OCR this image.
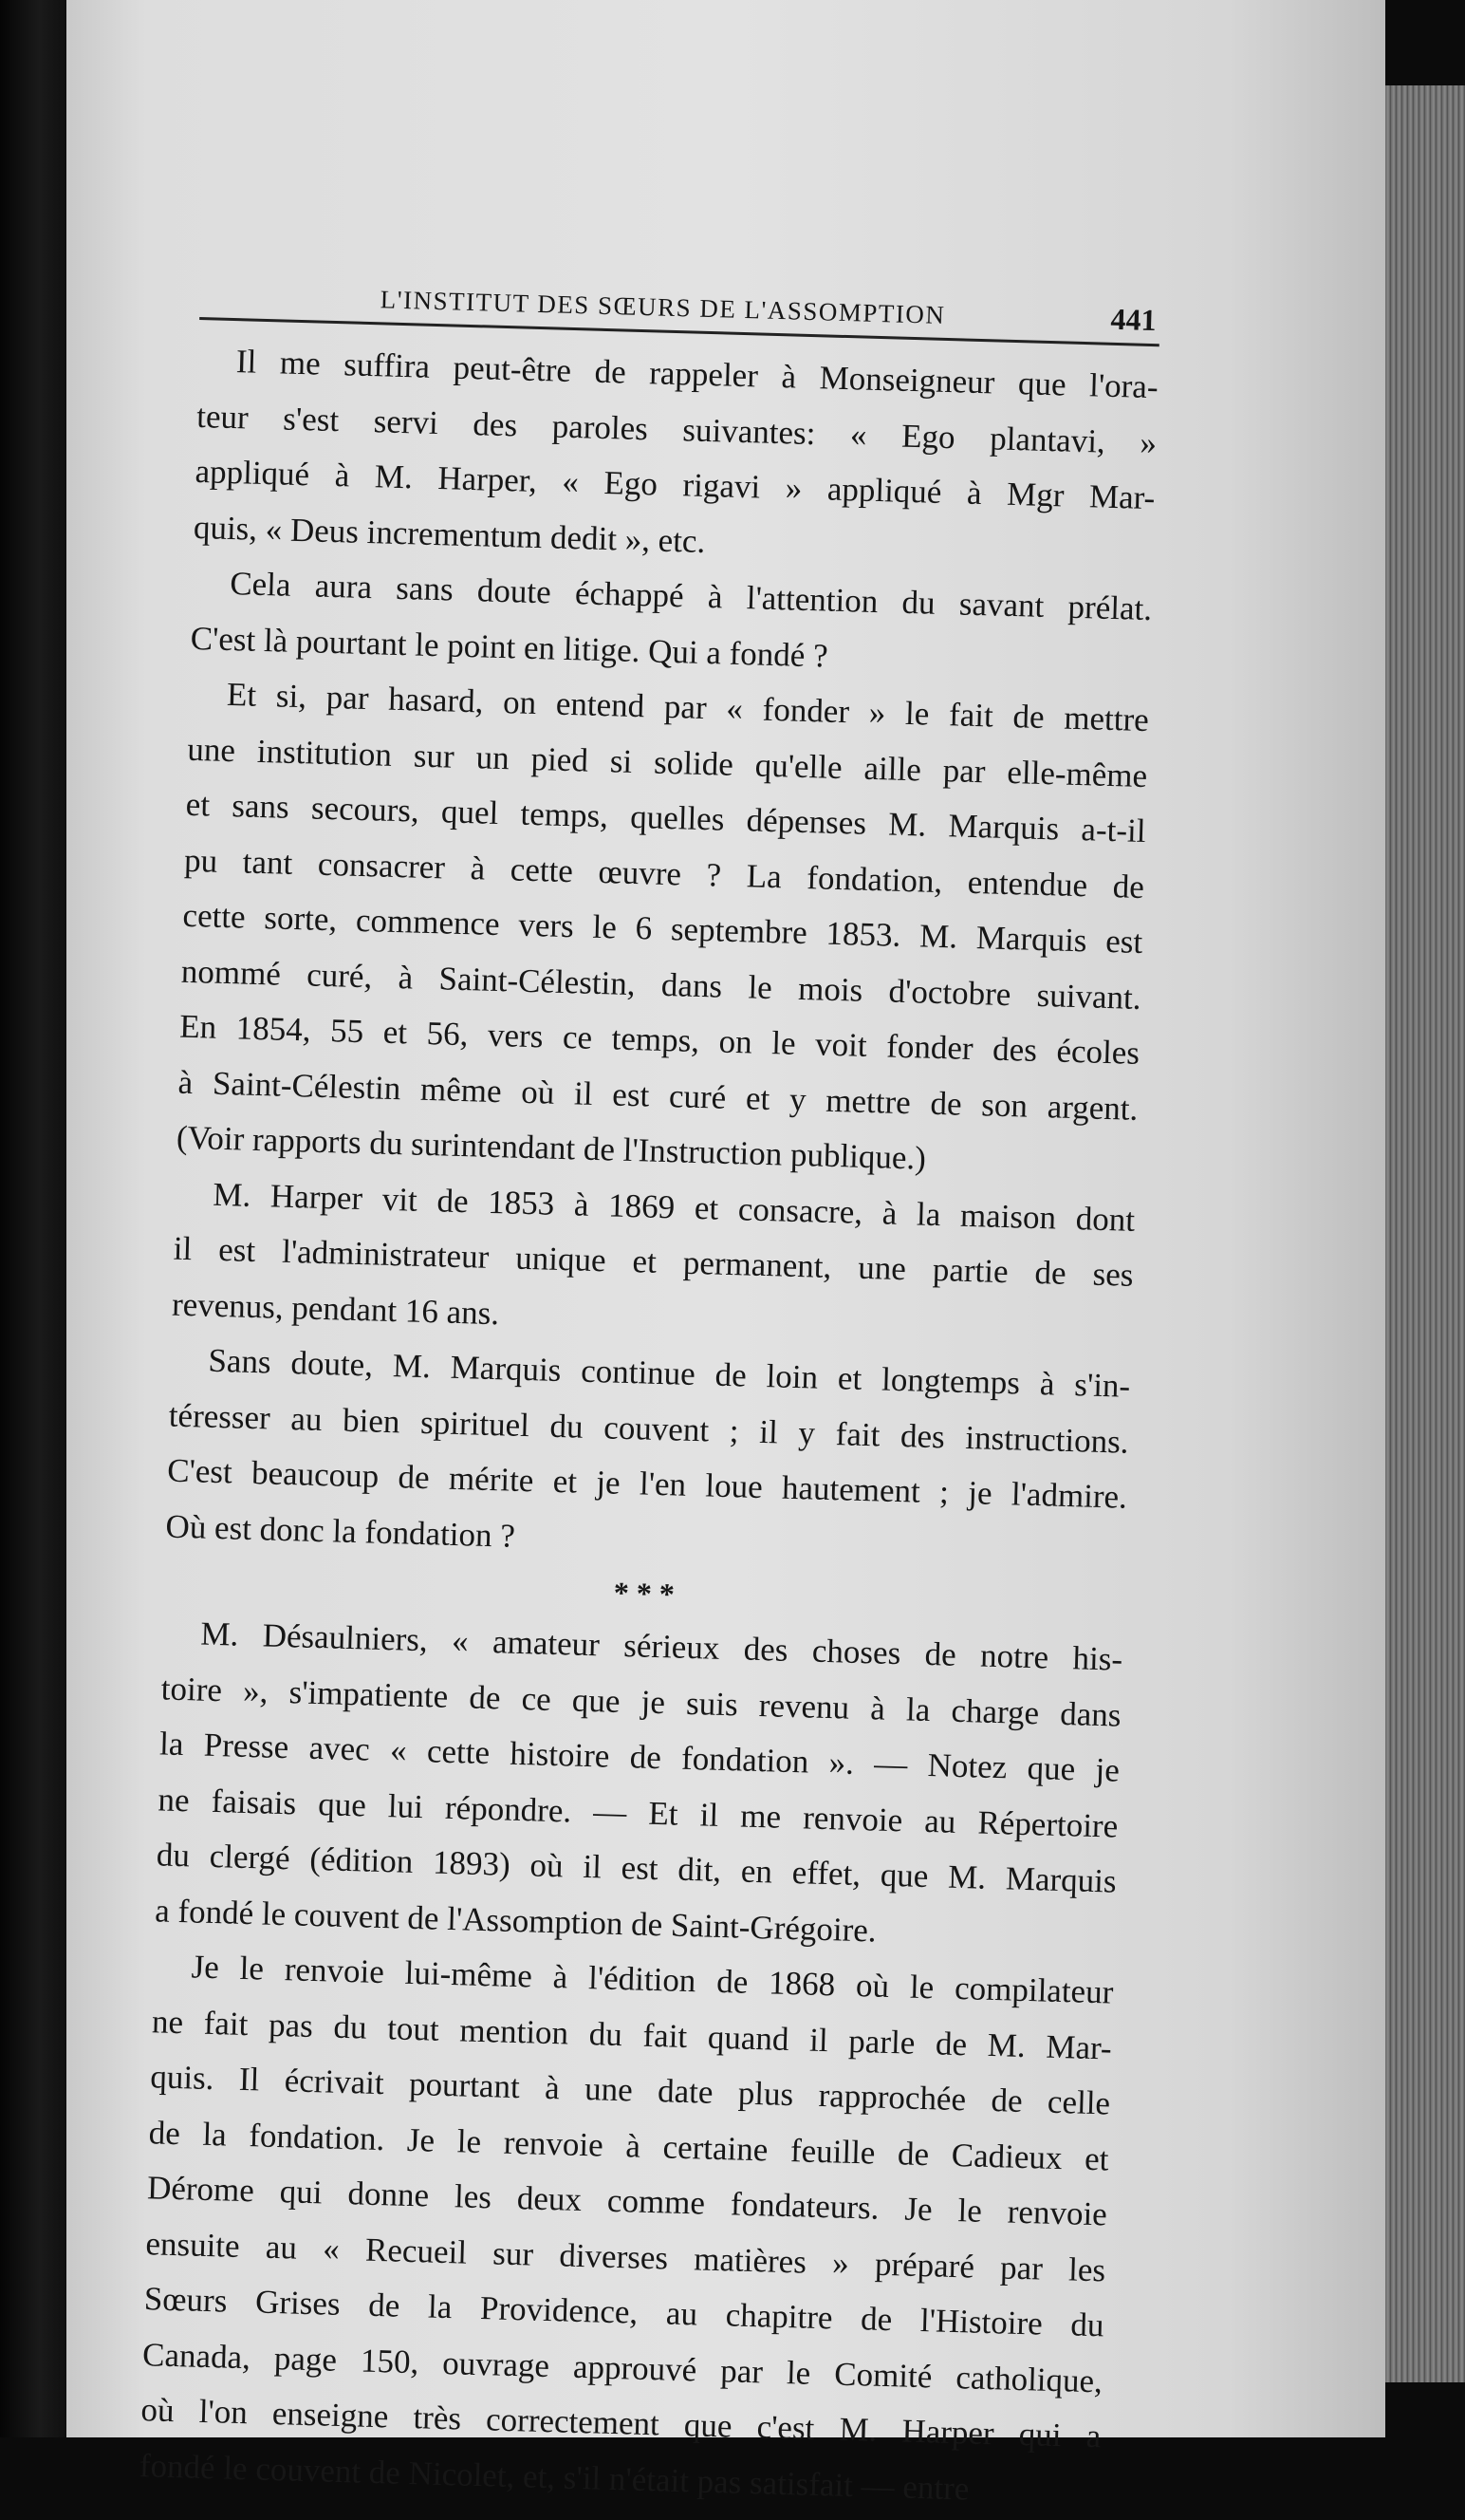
L'INSTITUT DES SŒURS DE L'ASSOMPTION	441

Il me suffira peut-être de rappeler à Monseigneur que l'ora-
teur s'est servi des paroles suivantes: « Ego plantavi, »
appliqué à M. Harper, « Ego rigavi » appliqué à Mgr Mar-
quis, « Deus incrementum dedit », etc.

Cela aura sans doute échappé à l'attention du savant prélat.
C'est là pourtant le point en litige. Qui a fondé ?

Et si, par hasard, on entend par « fonder » le fait de mettre
une institution sur un pied si solide qu'elle aille par elle-même
et sans secours, quel temps, quelles dépenses M. Marquis a-t-il
pu tant consacrer à cette œuvre ? La fondation, entendue de
cette sorte, commence vers le 6 septembre 1853. M. Marquis est
nommé curé, à Saint-Célestin, dans le mois d'octobre suivant.
En 1854, 55 et 56, vers ce temps, on le voit fonder des écoles
à Saint-Célestin même où il est curé et y mettre de son argent.
(Voir rapports du surintendant de l'Instruction publique.)

M. Harper vit de 1853 à 1869 et consacre, à la maison dont
il est l'administrateur unique et permanent, une partie de ses
revenus, pendant 16 ans.

Sans doute, M. Marquis continue de loin et longtemps à s'in-
téresser au bien spirituel du couvent ; il y fait des instructions.
C'est beaucoup de mérite et je l'en loue hautement ; je l'admire.
Où est donc la fondation ?

* * *

M. Désaulniers, « amateur sérieux des choses de notre his-
toire », s'impatiente de ce que je suis revenu à la charge dans
la Presse avec « cette histoire de fondation ». — Notez que je
ne faisais que lui répondre. — Et il me renvoie au Répertoire
du clergé (édition 1893) où il est dit, en effet, que M. Marquis
a fondé le couvent de l'Assomption de Saint-Grégoire.

Je le renvoie lui-même à l'édition de 1868 où le compilateur
ne fait pas du tout mention du fait quand il parle de M. Mar-
quis. Il écrivait pourtant à une date plus rapprochée de celle
de la fondation. Je le renvoie à certaine feuille de Cadieux et
Dérome qui donne les deux comme fondateurs. Je le renvoie
ensuite au « Recueil sur diverses matières » préparé par les
Sœurs Grises de la Providence, au chapitre de l'Histoire du
Canada, page 150, ouvrage approuvé par le Comité catholique,
où l'on enseigne très correctement que c'est M. Harper qui a
fondé le couvent de Nicolet, et, s'il n'était pas satisfait — entre
